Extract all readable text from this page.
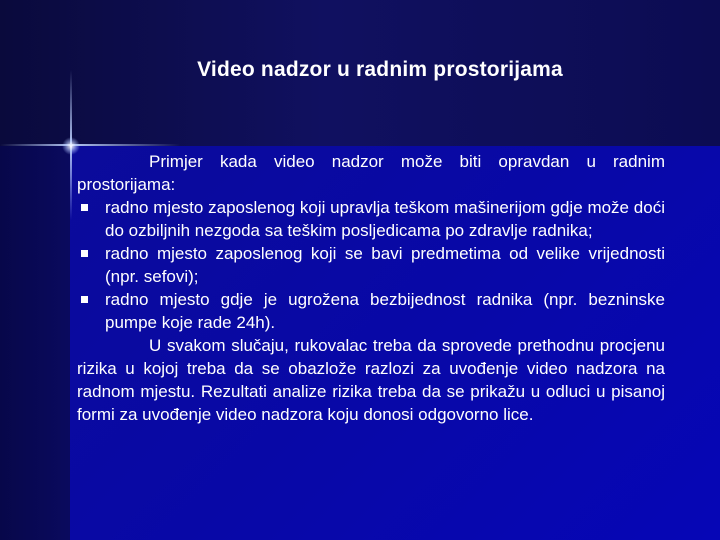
Video nadzor u radnim prostorijama

Primjer kada video nadzor može biti opravdan u radnim prostorijama:

radno mjesto zaposlenog koji upravlja teškom mašinerijom gdje može doći do ozbiljnih nezgoda sa teškim posljedicama po zdravlje radnika;
radno mjesto zaposlenog koji se bavi predmetima od velike vrijednosti (npr. sefovi);
radno mjesto gdje je ugrožena bezbijednost radnika (npr. bezninske pumpe koje rade 24h).

U svakom slučaju, rukovalac treba da sprovede prethodnu procjenu rizika u kojoj treba da se obazlože razlozi za uvođenje video nadzora na radnom mjestu. Rezultati analize rizika treba da se prikažu u odluci u pisanoj formi za uvođenje video nadzora koju donosi odgovorno lice.
